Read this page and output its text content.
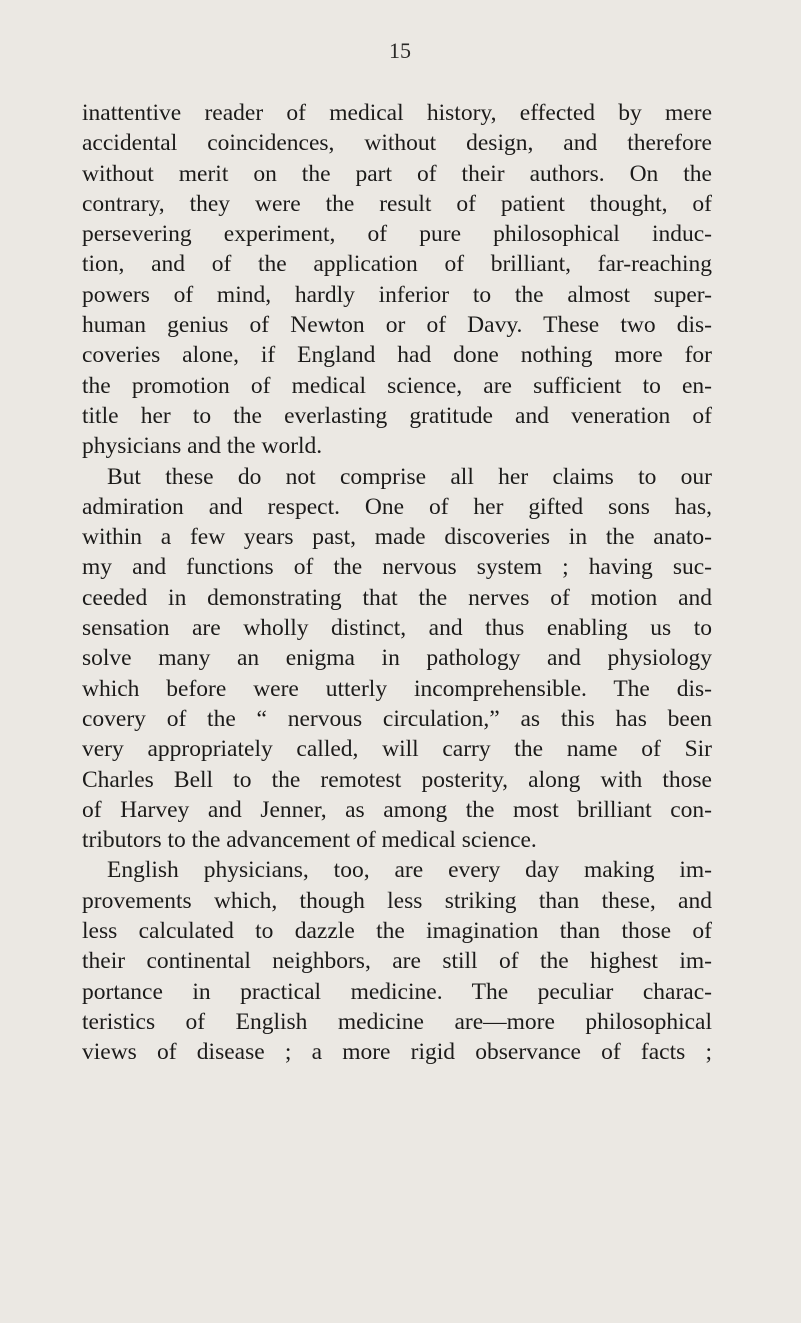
15
inattentive reader of medical history, effected by mere
accidental coincidences, without design, and therefore
without merit on the part of their authors. On the
contrary, they were the result of patient thought, of
persevering experiment, of pure philosophical induc-
tion, and of the application of brilliant, far-reaching
powers of mind, hardly inferior to the almost super-
human genius of Newton or of Davy. These two dis-
coveries alone, if England had done nothing more for
the promotion of medical science, are sufficient to en-
title her to the everlasting gratitude and veneration of
physicians and the world.
But these do not comprise all her claims to our
admiration and respect. One of her gifted sons has,
within a few years past, made discoveries in the anato-
my and functions of the nervous system ; having suc-
ceeded in demonstrating that the nerves of motion and
sensation are wholly distinct, and thus enabling us to
solve many an enigma in pathology and physiology
which before were utterly incomprehensible. The dis-
covery of the “ nervous circulation,” as this has been
very appropriately called, will carry the name of Sir
Charles Bell to the remotest posterity, along with those
of Harvey and Jenner, as among the most brilliant con-
tributors to the advancement of medical science.
English physicians, too, are every day making im-
provements which, though less striking than these, and
less calculated to dazzle the imagination than those of
their continental neighbors, are still of the highest im-
portance in practical medicine. The peculiar charac-
teristics of English medicine are—more philosophical
views of disease ; a more rigid observance of facts ;
